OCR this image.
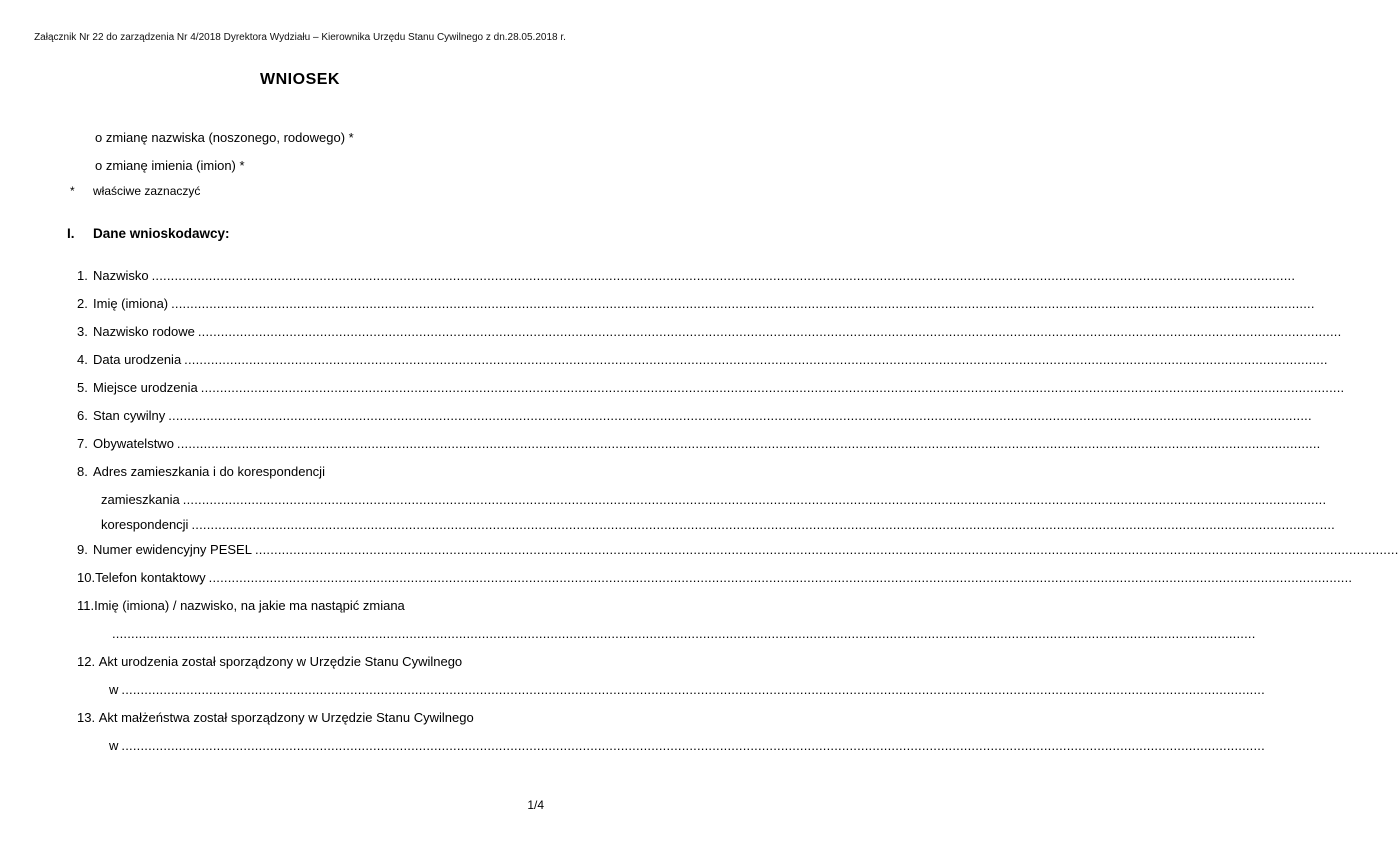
Załącznik Nr 22 do zarządzenia Nr 4/2018 Dyrektora Wydziału – Kierownika Urzędu Stanu Cywilnego z dn.28.05.2018 r.
WNIOSEK
o zmianę nazwiska (noszonego, rodowego) *
o zmianę imienia (imion) *
* właściwe zaznaczyć
I. Dane wnioskodawcy:
1. Nazwisko ............................................................................................................................................................................................................................................................................................................
2. Imię (imiona) ............................................................................................................................................................................................................................................................................................................
3. Nazwisko rodowe ............................................................................................................................................................................................................................................................................................................
4. Data urodzenia ............................................................................................................................................................................................................................................................................................................
5. Miejsce urodzenia ............................................................................................................................................................................................................................................................................................................
6. Stan cywilny ............................................................................................................................................................................................................................................................................................................
7. Obywatelstwo ............................................................................................................................................................................................................................................................................................................
8. Adres zamieszkania i do korespondencji
zamieszkania ............................................................................................................................................................................................................................................................................................................
korespondencji ............................................................................................................................................................................................................................................................................................................
9. Numer ewidencyjny PESEL ............................................................................................................................................................................................................................................................................................................
10. Telefon kontaktowy ............................................................................................................................................................................................................................................................................................................
11. Imię (imiona) / nazwisko, na jakie ma nastąpić zmiana
............................................................................................................................................................................................................................................................................................................
12. Akt urodzenia został sporządzony w Urzędzie Stanu Cywilnego
w ............................................................................................................................................................................................................................................................................................................
13. Akt małżeństwa został sporządzony w Urzędzie Stanu Cywilnego
w ............................................................................................................................................................................................................................................................................................................
1/4
